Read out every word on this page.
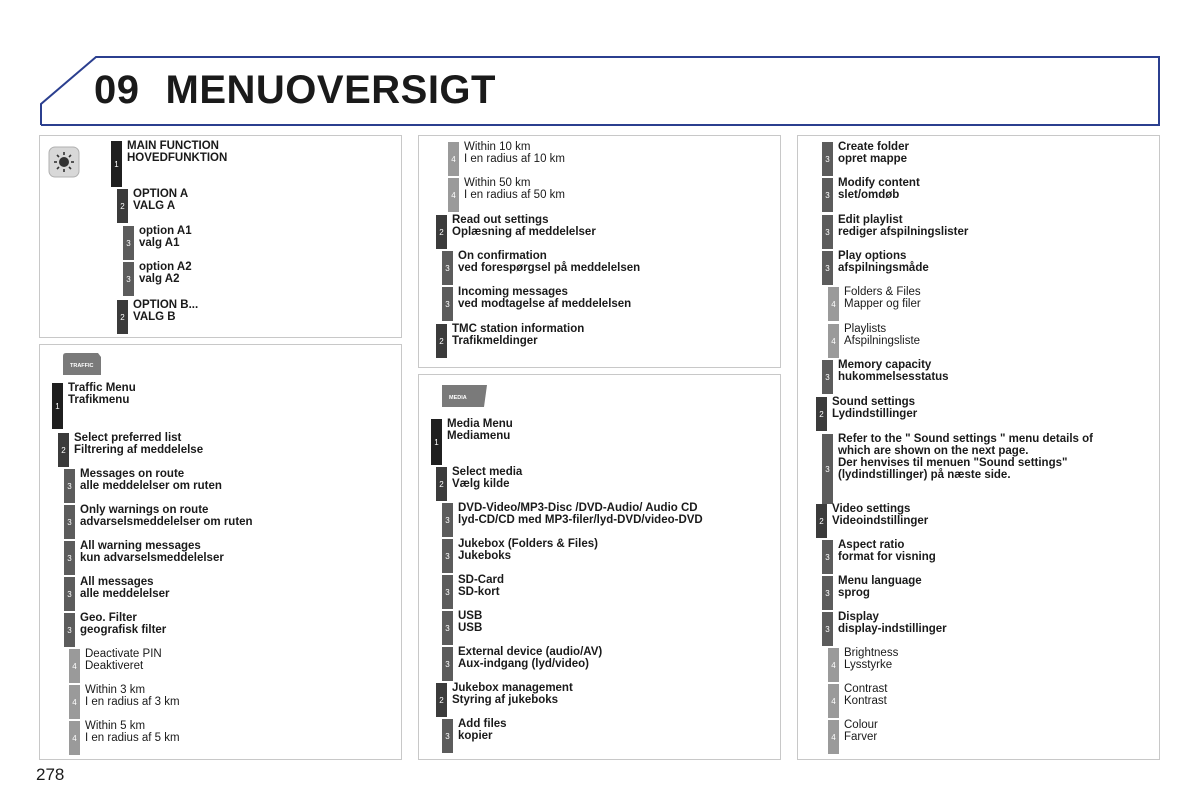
09 MENUOVERSIGT
TRAFFIC
MEDIA
278
1
MAIN FUNCTION
HOVEDFUNKTION
2
OPTION A
VALG A
3
option A1
valg A1
3
option A2
valg A2
2
OPTION B...
VALG B
1
Traffic Menu
Trafikmenu
2
Select preferred list
Filtrering af meddelelse
3
Messages on route
alle meddelelser om ruten
3
Only warnings on route
advarselsmeddelelser om ruten
3
All warning messages
kun advarselsmeddelelser
3
All messages
alle meddelelser
3
Geo. Filter
geografisk filter
4
Deactivate PIN
Deaktiveret
4
Within 3 km
I en radius af 3 km
4
Within 5 km
I en radius af 5 km
4
Within 10 km
I en radius af 10 km
4
Within 50 km
I en radius af 50 km
2
Read out settings
Oplæsning af meddelelser
3
On confirmation
ved forespørgsel på meddelelsen
3
Incoming messages
ved modtagelse af meddelelsen
2
TMC station information
Trafikmeldinger
1
Media Menu
Mediamenu
2
Select media
Vælg kilde
3
DVD-Video/MP3-Disc /DVD-Audio/ Audio CD
lyd-CD/CD med MP3-filer/lyd-DVD/video-DVD
3
Jukebox (Folders & Files)
Jukeboks
3
SD-Card
SD-kort
3
USB
USB
3
External device (audio/AV)
Aux-indgang (lyd/video)
2
Jukebox management
Styring af jukeboks
3
Add files
kopier
3
Create folder
opret mappe
3
Modify content
slet/omdøb
3
Edit playlist
rediger afspilningslister
3
Play options
afspilningsmåde
4
Folders & Files
Mapper og filer
4
Playlists
Afspilningsliste
3
Memory capacity
hukommelsesstatus
2
Sound settings
Lydindstillinger
3
Refer to the " Sound settings " menu details of
which are shown on the next page.
Der henvises til menuen "Sound settings"
(lydindstillinger) på næste side.
2
Video settings
Videoindstillinger
3
Aspect ratio
format for visning
3
Menu language
sprog
3
Display
display-indstillinger
4
Brightness
Lysstyrke
4
Contrast
Kontrast
4
Colour
Farver
